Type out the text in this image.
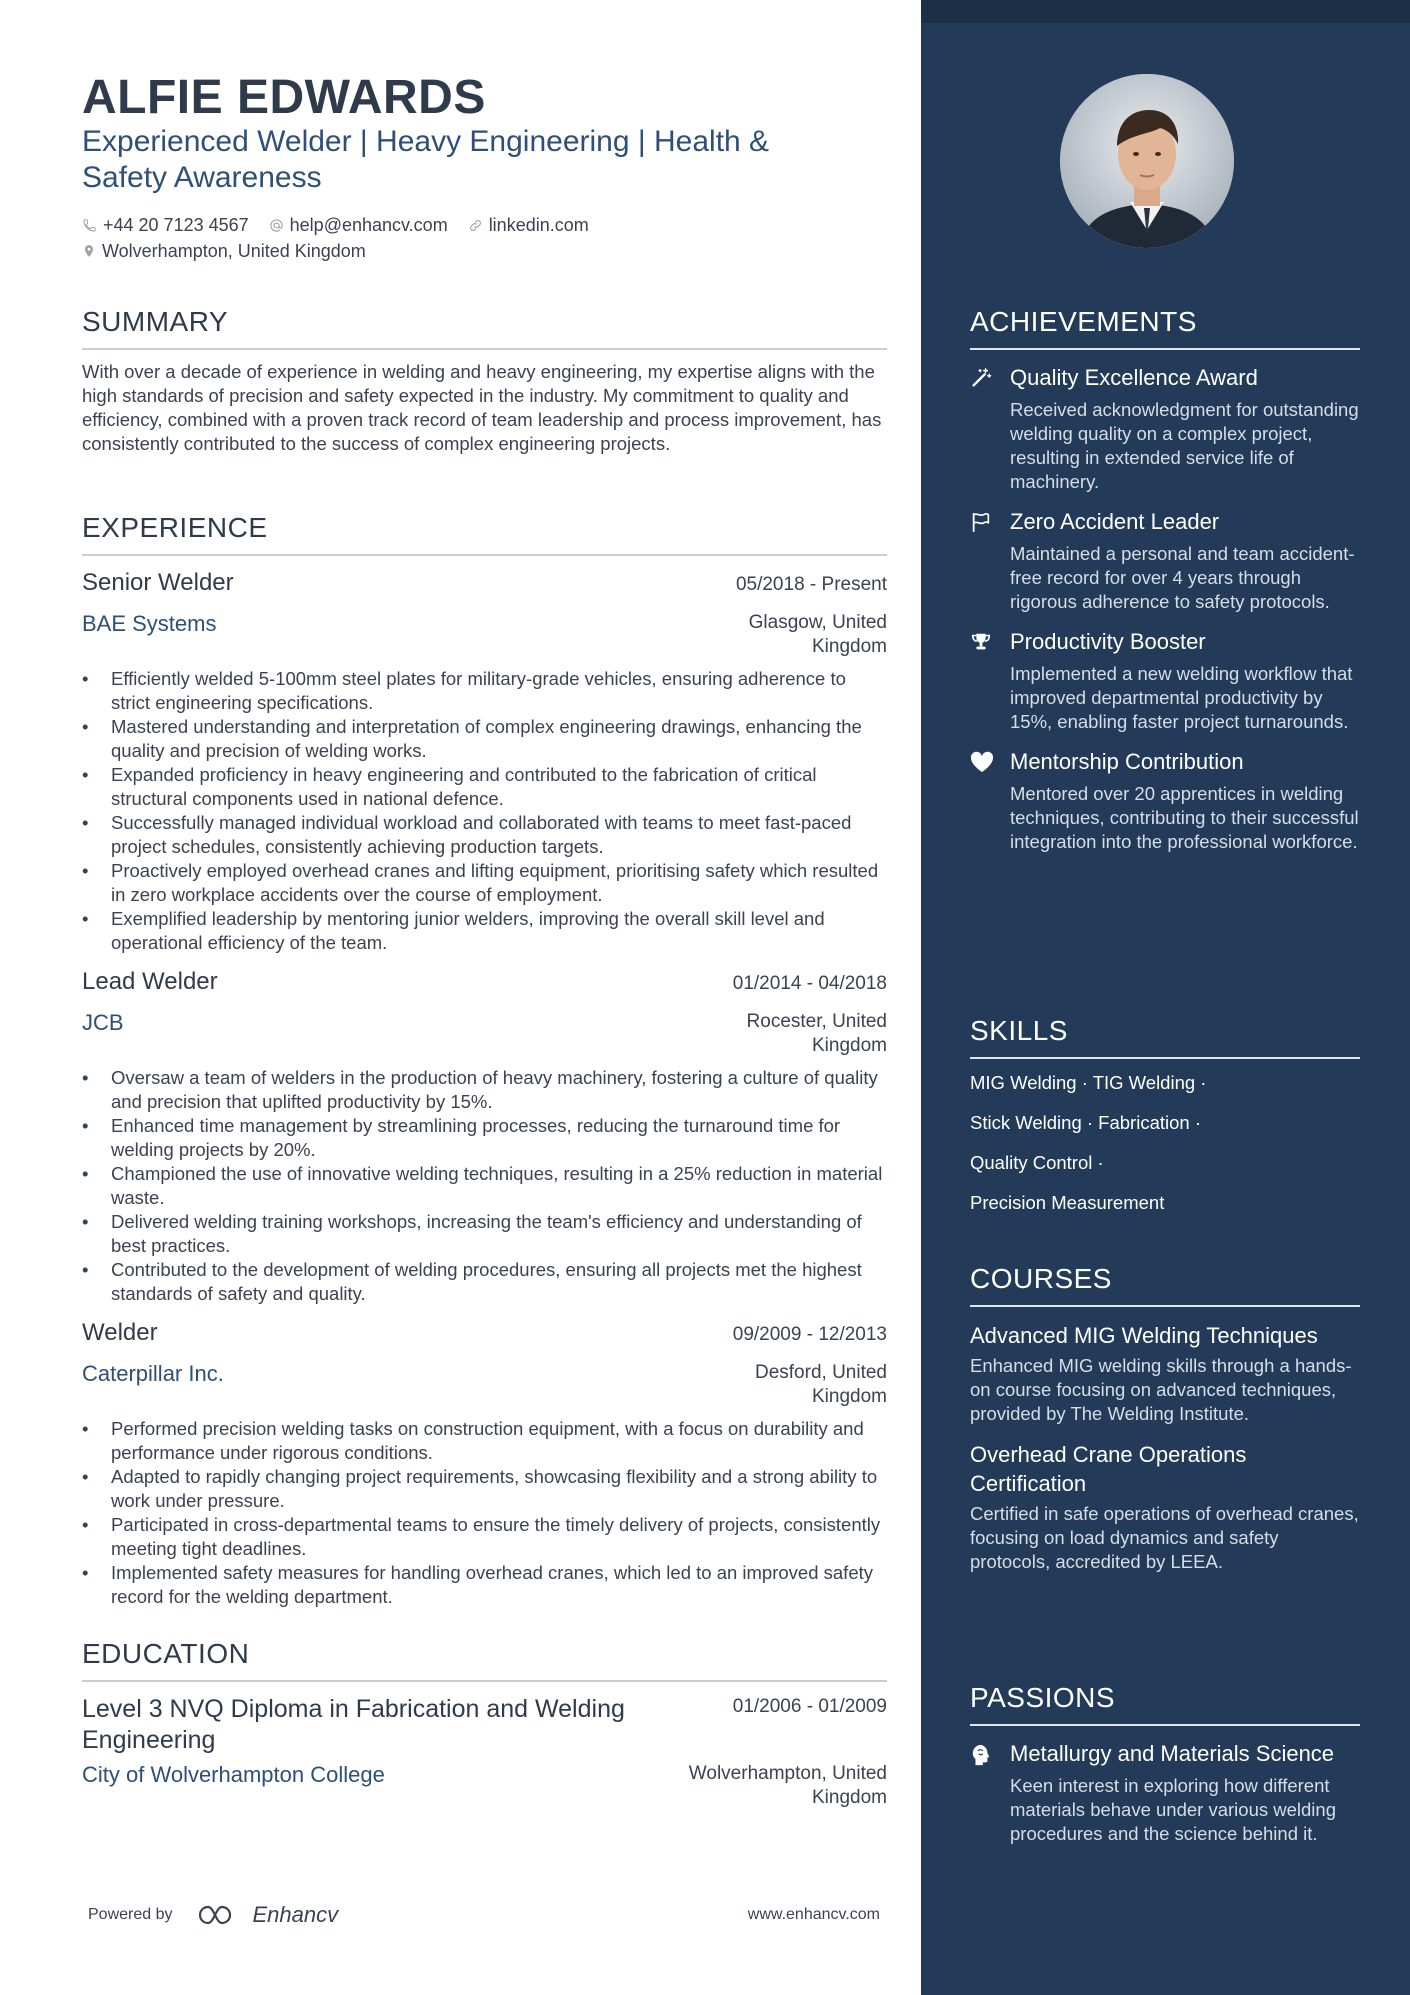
ALFIE EDWARDS
Experienced Welder | Heavy Engineering | Health & Safety Awareness
+44 20 7123 4567 help@enhancv.com linkedin.com
Wolverhampton, United Kingdom
SUMMARY
With over a decade of experience in welding and heavy engineering, my expertise aligns with the high standards of precision and safety expected in the industry. My commitment to quality and efficiency, combined with a proven track record of team leadership and process improvement, has consistently contributed to the success of complex engineering projects.
EXPERIENCE
Senior Welder	05/2018 - Present
BAE Systems	Glasgow, United Kingdom
• Efficiently welded 5-100mm steel plates for military-grade vehicles, ensuring adherence to strict engineering specifications.
• Mastered understanding and interpretation of complex engineering drawings, enhancing the quality and precision of welding works.
• Expanded proficiency in heavy engineering and contributed to the fabrication of critical structural components used in national defence.
• Successfully managed individual workload and collaborated with teams to meet fast-paced project schedules, consistently achieving production targets.
• Proactively employed overhead cranes and lifting equipment, prioritising safety which resulted in zero workplace accidents over the course of employment.
• Exemplified leadership by mentoring junior welders, improving the overall skill level and operational efficiency of the team.
Lead Welder	01/2014 - 04/2018
JCB	Rocester, United Kingdom
• Oversaw a team of welders in the production of heavy machinery, fostering a culture of quality and precision that uplifted productivity by 15%.
• Enhanced time management by streamlining processes, reducing the turnaround time for welding projects by 20%.
• Championed the use of innovative welding techniques, resulting in a 25% reduction in material waste.
• Delivered welding training workshops, increasing the team's efficiency and understanding of best practices.
• Contributed to the development of welding procedures, ensuring all projects met the highest standards of safety and quality.
Welder	09/2009 - 12/2013
Caterpillar Inc.	Desford, United Kingdom
• Performed precision welding tasks on construction equipment, with a focus on durability and performance under rigorous conditions.
• Adapted to rapidly changing project requirements, showcasing flexibility and a strong ability to work under pressure.
• Participated in cross-departmental teams to ensure the timely delivery of projects, consistently meeting tight deadlines.
• Implemented safety measures for handling overhead cranes, which led to an improved safety record for the welding department.
EDUCATION
Level 3 NVQ Diploma in Fabrication and Welding Engineering
01/2006 - 01/2009
City of Wolverhampton College	Wolverhampton, United Kingdom
Powered by	Enhancv	www.enhancv.com
ACHIEVEMENTS
Quality Excellence Award
Received acknowledgment for outstanding welding quality on a complex project, resulting in extended service life of machinery.
Zero Accident Leader
Maintained a personal and team accident-free record for over 4 years through rigorous adherence to safety protocols.
Productivity Booster
Implemented a new welding workflow that improved departmental productivity by 15%, enabling faster project turnarounds.
Mentorship Contribution
Mentored over 20 apprentices in welding techniques, contributing to their successful integration into the professional workforce.
SKILLS
MIG Welding · TIG Welding ·
Stick Welding · Fabrication ·
Quality Control ·
Precision Measurement
COURSES
Advanced MIG Welding Techniques
Enhanced MIG welding skills through a hands-on course focusing on advanced techniques, provided by The Welding Institute.
Overhead Crane Operations Certification
Certified in safe operations of overhead cranes, focusing on load dynamics and safety protocols, accredited by LEEA.
PASSIONS
Metallurgy and Materials Science
Keen interest in exploring how different materials behave under various welding procedures and the science behind it.
